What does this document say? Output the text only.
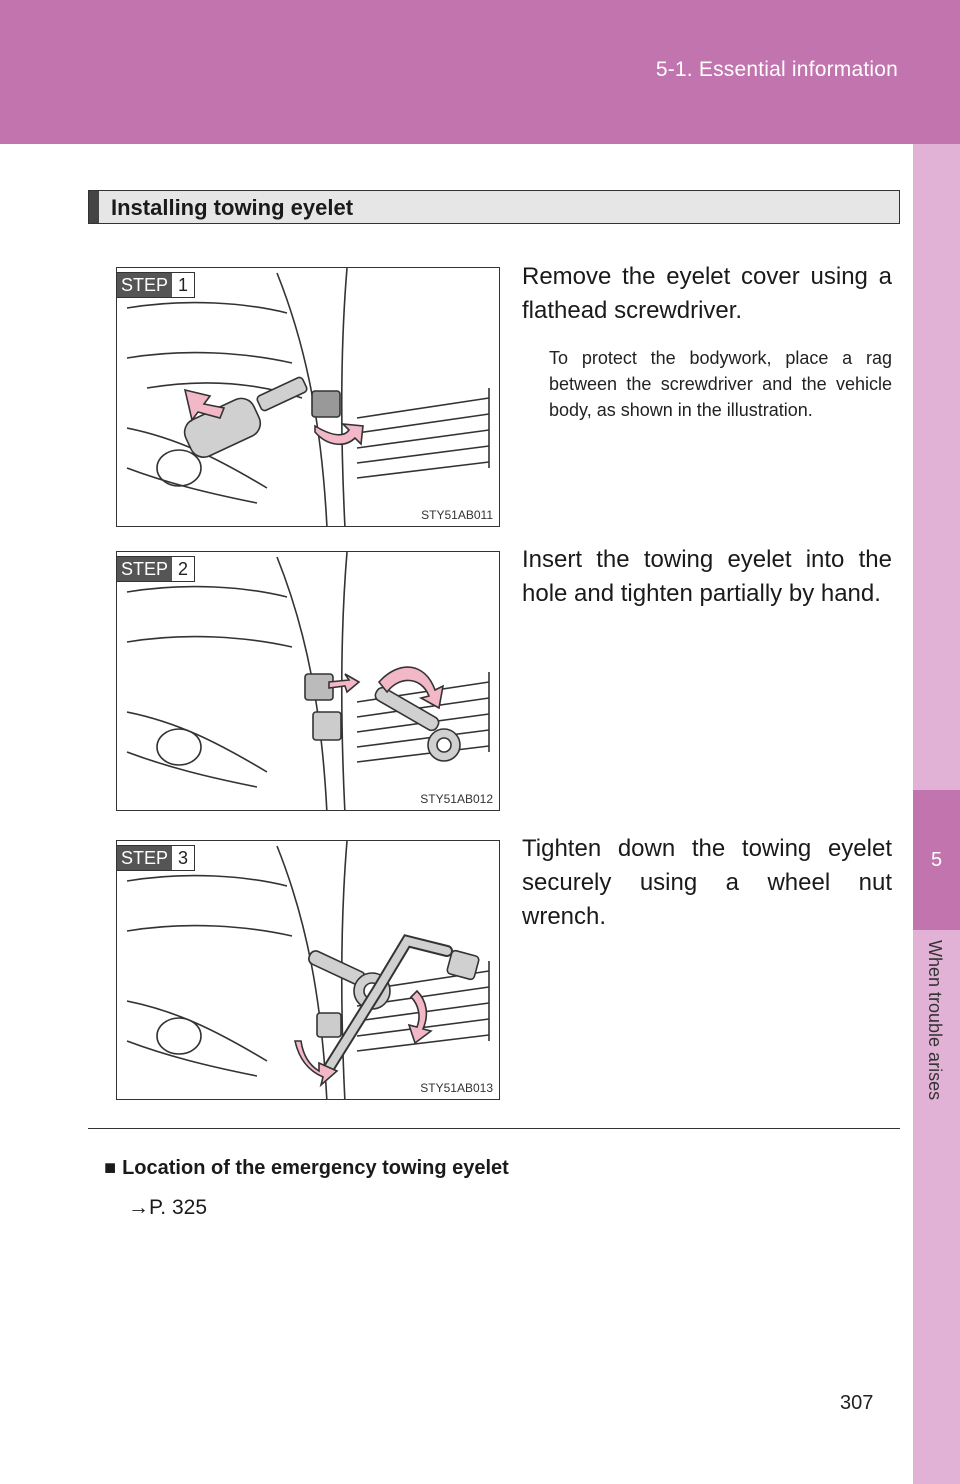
5-1. Essential information
5
When trouble arises
Installing towing eyelet
STEP 1
STY51AB011
Remove the eyelet cover using a flathead screwdriver.
To protect the bodywork, place a rag between the screwdriver and the vehicle body, as shown in the illustration.
STEP 2
STY51AB012
Insert the towing eyelet into the hole and tighten partially by hand.
STEP 3
STY51AB013
Tighten down the towing eyelet securely using a wheel nut wrench.
■ Location of the emergency towing eyelet
→P. 325
307
